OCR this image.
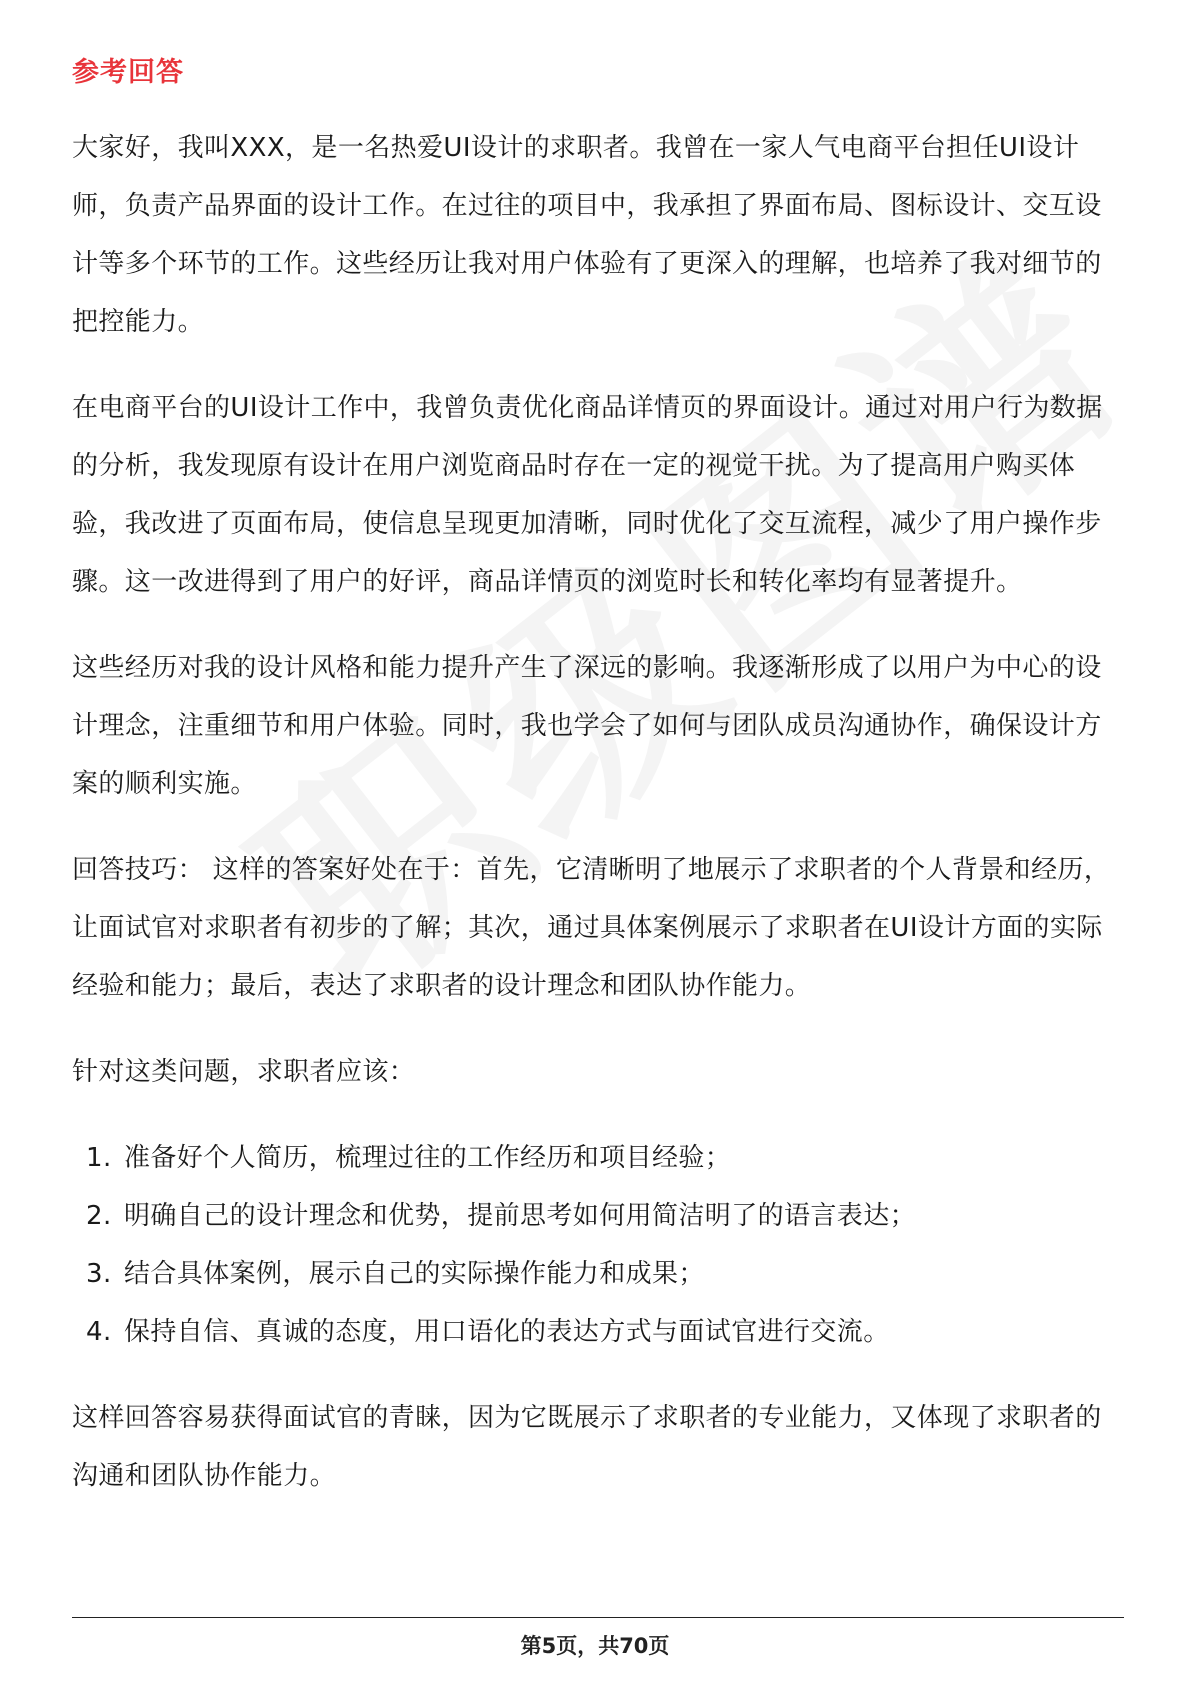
参考回答

大家好，我叫XXX，是一名热爱UI设计的求职者。我曾在一家人气电商平台担任UI设计师，负责产品界面的设计工作。在过往的项目中，我承担了界面布局、图标设计、交互设计等多个环节的工作。这些经历让我对用户体验有了更深入的理解，也培养了我对细节的把控能力。

在电商平台的UI设计工作中，我曾负责优化商品详情页的界面设计。通过对用户行为数据的分析，我发现原有设计在用户浏览商品时存在一定的视觉干扰。为了提高用户购买体验，我改进了页面布局，使信息呈现更加清晰，同时优化了交互流程，减少了用户操作步骤。这一改进得到了用户的好评，商品详情页的浏览时长和转化率均有显著提升。

这些经历对我的设计风格和能力提升产生了深远的影响。我逐渐形成了以用户为中心的设计理念，注重细节和用户体验。同时，我也学会了如何与团队成员沟通协作，确保设计方案的顺利实施。

回答技巧： 这样的答案好处在于：首先，它清晰明了地展示了求职者的个人背景和经历，让面试官对求职者有初步的了解；其次，通过具体案例展示了求职者在UI设计方面的实际经验和能力；最后，表达了求职者的设计理念和团队协作能力。

针对这类问题，求职者应该：

1. 准备好个人简历，梳理过往的工作经历和项目经验；
2. 明确自己的设计理念和优势，提前思考如何用简洁明了的语言表达；
3. 结合具体案例，展示自己的实际操作能力和成果；
4. 保持自信、真诚的态度，用口语化的表达方式与面试官进行交流。

这样回答容易获得面试官的青睐，因为它既展示了求职者的专业能力，又体现了求职者的沟通和团队协作能力。

第5页，共70页
